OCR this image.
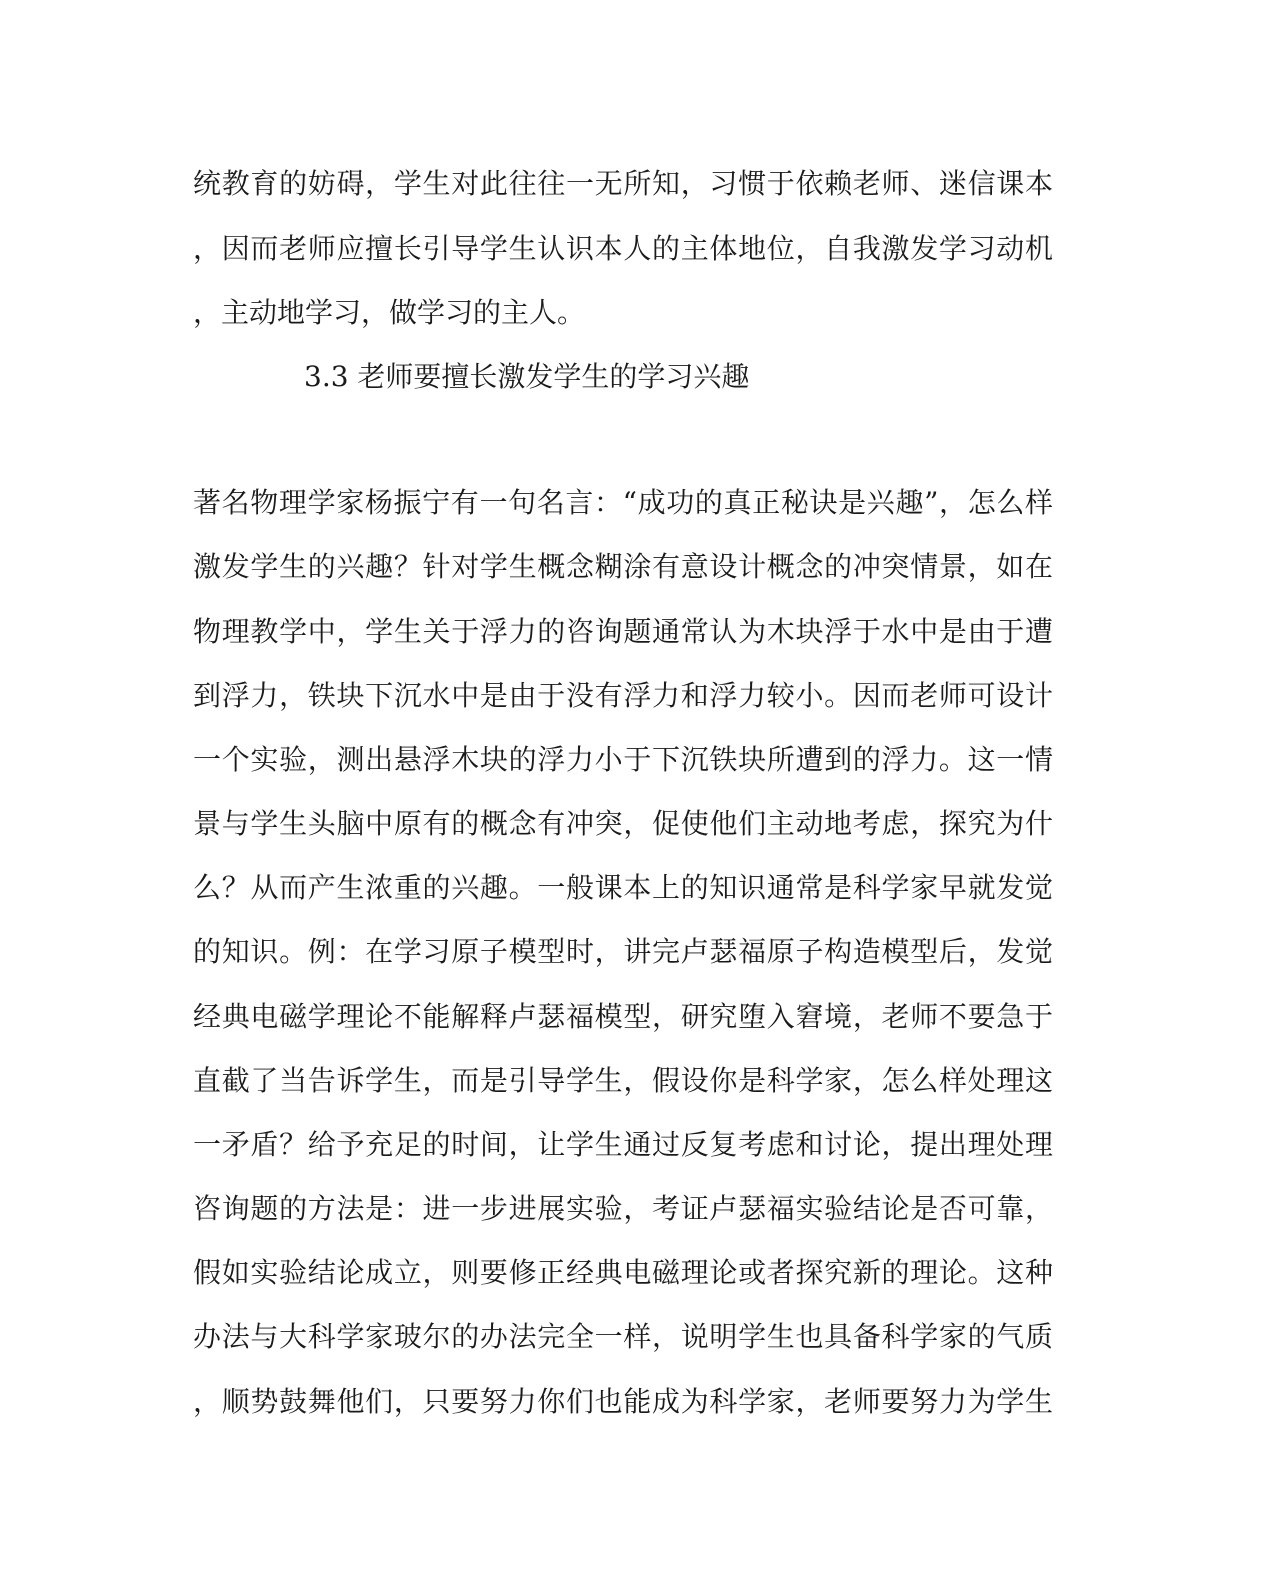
统教育的妨碍，学生对此往往一无所知，习惯于依赖老师、迷信课本
，因而老师应擅长引导学生认识本人的主体地位，自我激发学习动机
，主动地学习，做学习的主人。
3.3 老师要擅长激发学生的学习兴趣
著名物理学家杨振宁有一句名言：“成功的真正秘诀是兴趣”，怎么样
激发学生的兴趣？针对学生概念糊涂有意设计概念的冲突情景，如在
物理教学中，学生关于浮力的咨询题通常认为木块浮于水中是由于遭
到浮力，铁块下沉水中是由于没有浮力和浮力较小。因而老师可设计
一个实验，测出悬浮木块的浮力小于下沉铁块所遭到的浮力。这一情
景与学生头脑中原有的概念有冲突，促使他们主动地考虑，探究为什
么？从而产生浓重的兴趣。一般课本上的知识通常是科学家早就发觉
的知识。例：在学习原子模型时，讲完卢瑟福原子构造模型后，发觉
经典电磁学理论不能解释卢瑟福模型，研究堕入窘境，老师不要急于
直截了当告诉学生，而是引导学生，假设你是科学家，怎么样处理这
一矛盾？给予充足的时间，让学生通过反复考虑和讨论，提出理处理
咨询题的方法是：进一步进展实验，考证卢瑟福实验结论是否可靠，
假如实验结论成立，则要修正经典电磁理论或者探究新的理论。这种
办法与大科学家玻尔的办法完全一样，说明学生也具备科学家的气质
，顺势鼓舞他们，只要努力你们也能成为科学家，老师要努力为学生
